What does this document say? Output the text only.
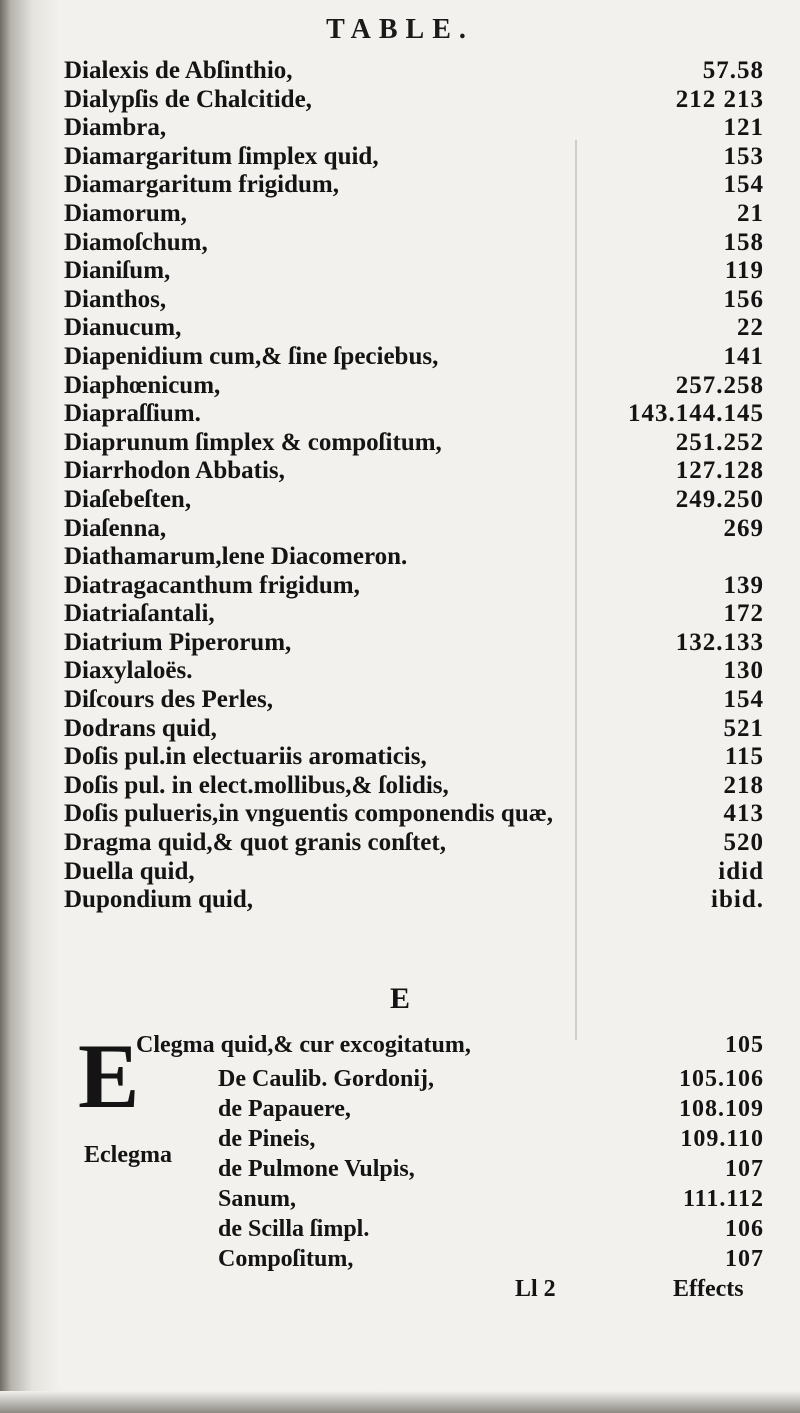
TABLE.
Dialexis de Abſinthio,	57.58
Dialypſis de Chalcitide,	212 213
Diambra,	121
Diamargaritum ſimplex quid,	153
Diamargaritum frigidum,	154
Diamorum,	21
Diamoſchum,	158
Dianiſum,	119
Dianthos,	156
Dianucum,	22
Diapenidium cum,& ſine ſpeciebus,	141
Diaphœnicum,	257.258
Diapraſſium.	143.144.145
Diaprunum ſimplex & compoſitum,	251.252
Diarrhodon Abbatis,	127.128
Diaſebeſten,	249.250
Diaſenna,	269
Diathamarum,lene Diacomeron.
Diatragacanthum frigidum,	139
Diatriaſantali,	172
Diatrium Piperorum,	132.133
Diaxylaloës.	130
Diſcours des Perles,	154
Dodrans quid,	521
Doſis pul.in electuariis aromaticis,	115
Doſis pul. in elect.mollibus,& ſolidis,	218
Doſis pulueris,in vnguentis componendis quæ,	413
Dragma quid,& quot granis conſtet,	520
Duella quid,	idid
Dupondium quid,	ibid.
E
E
Clegma quid,& cur excogitatum,	105
De Caulib. Gordonij,	105.106
de Papauere,	108.109
de Pineis,	109.110
de Pulmone Vulpis,	107
Sanum,	111.112
de Scilla ſimpl.	106
Compoſitum,	107
Eclegma
Ll 2	Effects
